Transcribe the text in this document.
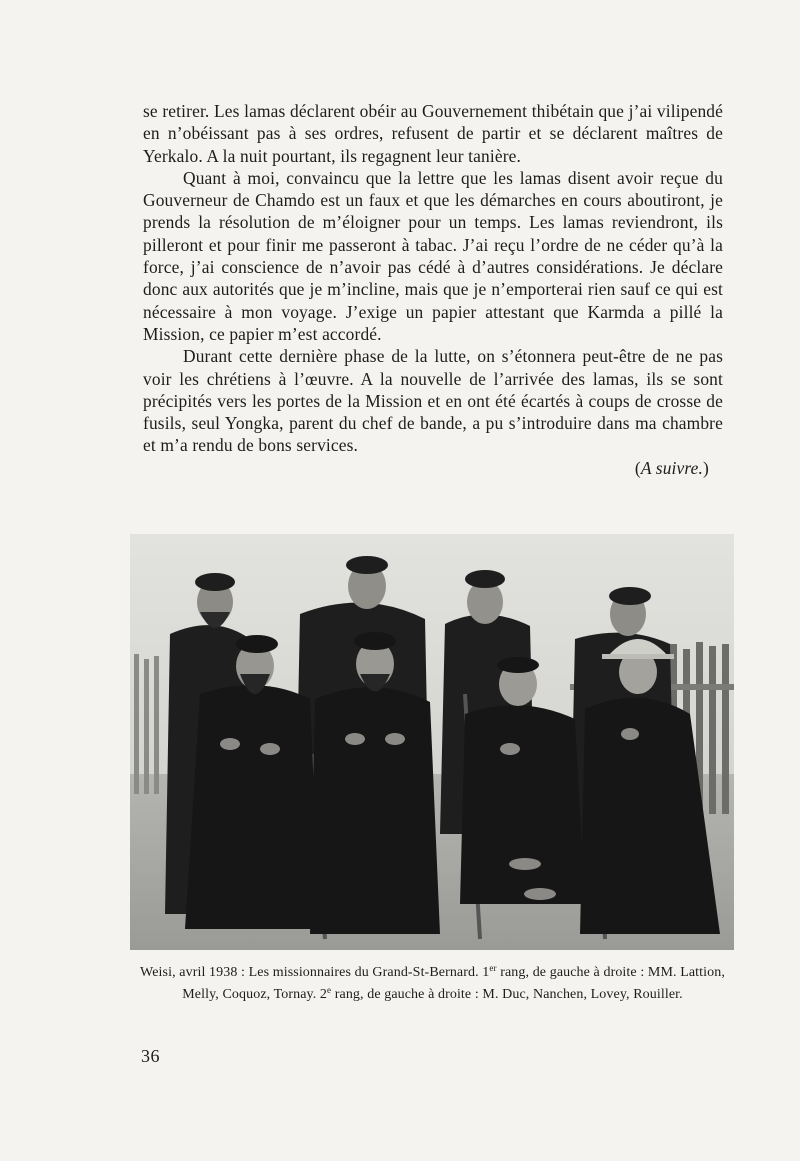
se retirer. Les lamas déclarent obéir au Gouvernement thibétain que j’ai vilipendé en n’obéissant pas à ses ordres, refusent de partir et se déclarent maîtres de Yerkalo. A la nuit pourtant, ils regagnent leur tanière.

Quant à moi, convaincu que la lettre que les lamas disent avoir reçue du Gouverneur de Chamdo est un faux et que les démarches en cours aboutiront, je prends la résolution de m’éloigner pour un temps. Les lamas reviendront, ils pilleront et pour finir me passeront à tabac. J’ai reçu l’ordre de ne céder qu’à la force, j’ai conscience de n’avoir pas cédé à d’autres considérations. Je déclare donc aux autorités que je m’incline, mais que je n’emporterai rien sauf ce qui est nécessaire à mon voyage. J’exige un papier attestant que Karmda a pillé la Mission, ce papier m’est accordé.

Durant cette dernière phase de la lutte, on s’étonnera peut-être de ne pas voir les chrétiens à l’œuvre. A la nouvelle de l’arrivée des lamas, ils se sont précipités vers les portes de la Mission et en ont été écartés à coups de crosse de fusils, seul Yongka, parent du chef de bande, a pu s’introduire dans ma chambre et m’a rendu de bons services.

(A suivre.)

Weisi, avril 1938 : Les missionnaires du Grand-St-Bernard. 1er rang, de gauche à droite : MM. Lattion, Melly, Coquoz, Tornay. 2e rang, de gauche à droite : M. Duc, Nanchen, Lovey, Rouiller.
36
